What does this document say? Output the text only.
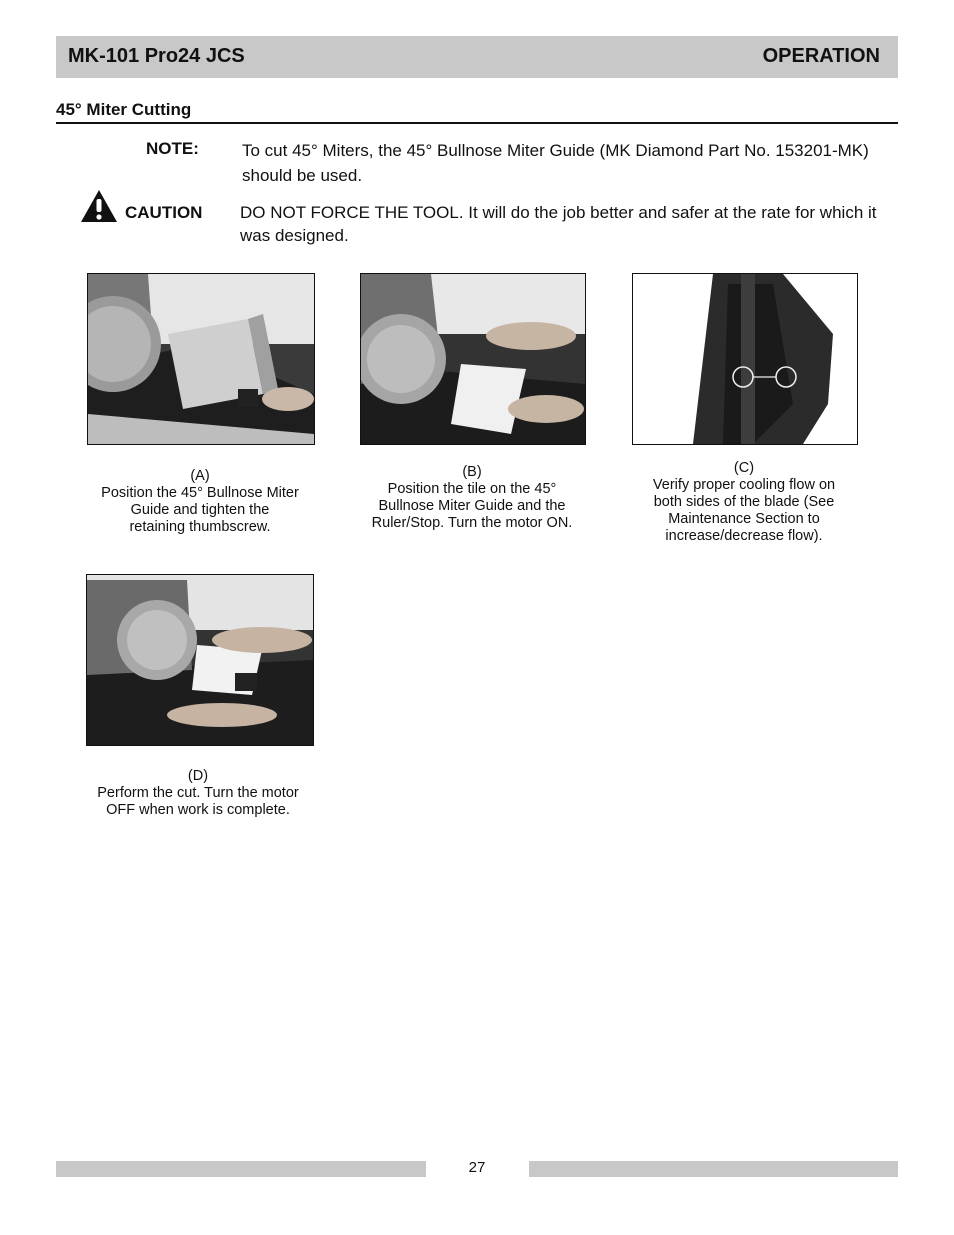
MK-101 Pro24 JCS	OPERATION
45° Miter Cutting
NOTE:	To cut 45° Miters, the 45° Bullnose Miter Guide (MK Diamond Part No. 153201-MK) should be used.
CAUTION DO NOT FORCE THE TOOL. It will do the job better and safer at the rate for which it was designed.
(A)
Position the 45° Bullnose Miter
Guide and tighten the
retaining thumbscrew.
(B)
Position the tile on the 45°
Bullnose Miter Guide and the
Ruler/Stop. Turn the motor ON.
(C)
Verify proper cooling flow on
both sides of the blade (See
Maintenance Section to
increase/decrease flow).
(D)
Perform the cut. Turn the motor
OFF when work is complete.
27
